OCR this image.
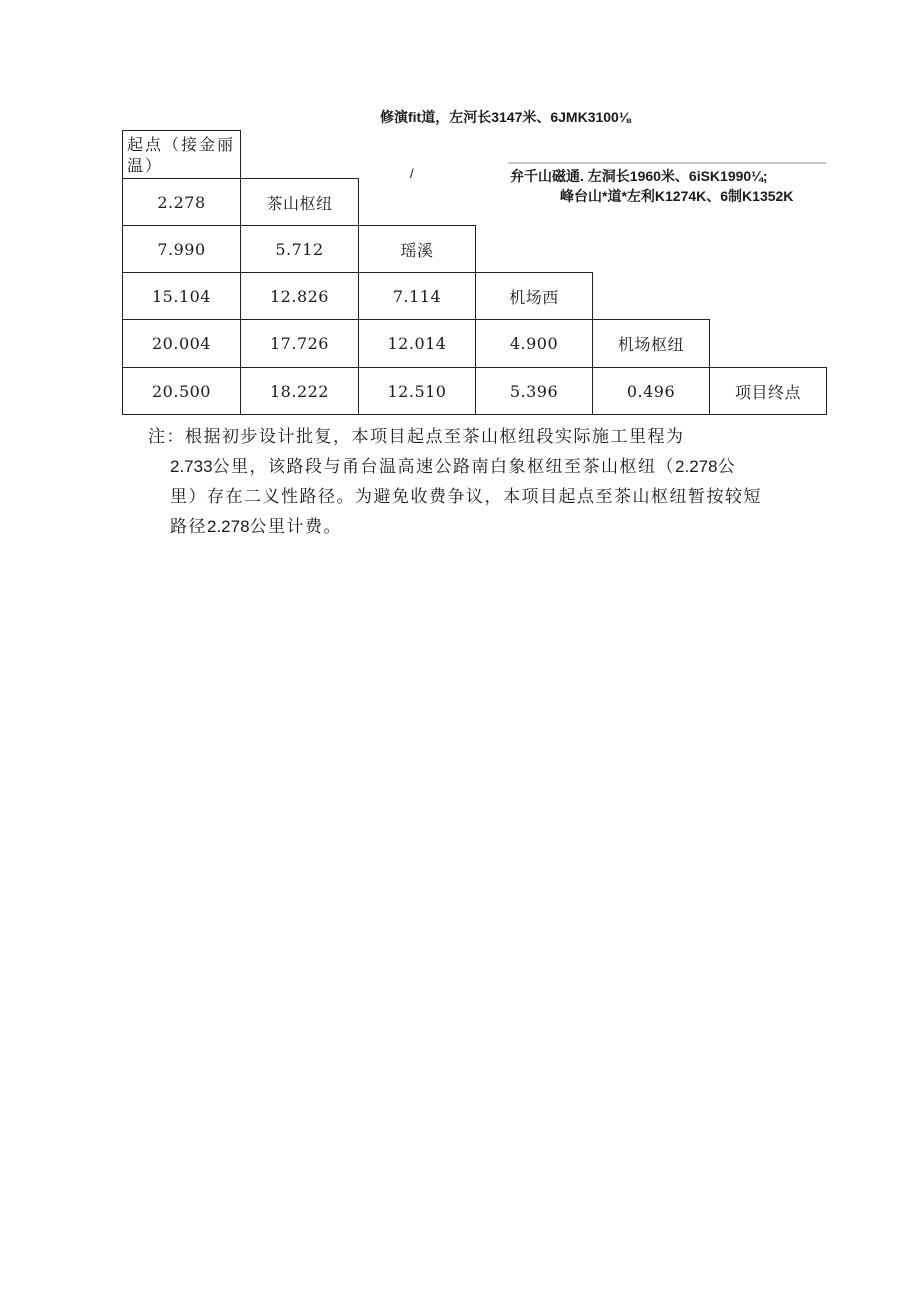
修演fit道，左河长3147米、6JMK3100⅛
/	弁千山磁通. 左洞长1960米、6iSK1990¼;
峰台山*道*左利K1274K、6制K1352K
起点（接金丽温）
2.278	茶山枢纽
7.990	5.712	瑶溪
15.104	12.826	7.114	机场西
20.004	17.726	12.014	4.900	机场枢纽
20.500	18.222	12.510	5.396	0.496	项目终点
注：根据初步设计批复，本项目起点至茶山枢纽段实际施工里程为
2.733公里，该路段与甬台温高速公路南白象枢纽至茶山枢纽（2.278公
里）存在二义性路径。为避免收费争议，本项目起点至茶山枢纽暂按较短
路径2.278公里计费。
